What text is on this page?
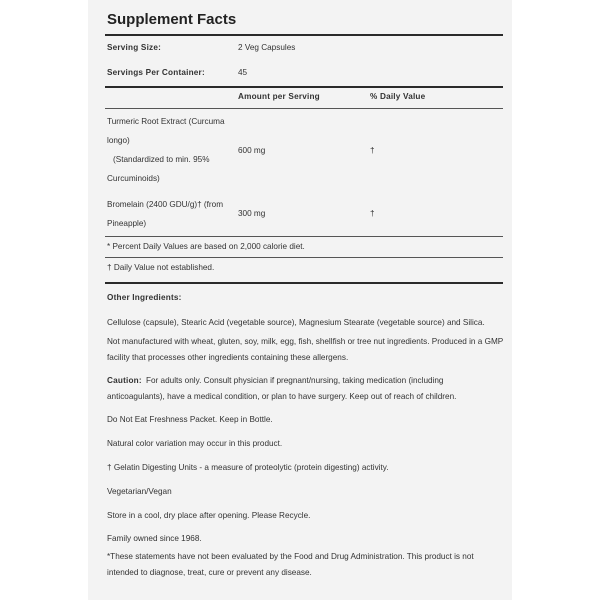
Supplement Facts
Serving Size:	2 Veg Capsules
Servings Per Container:	45
Amount per Serving	% Daily Value
Turmeric Root Extract (Curcuma
longo)
(Standardized to min. 95%
Curcuminoids)
600 mg	†
Bromelain (2400 GDU/g)† (from
Pineapple)
300 mg	†
* Percent Daily Values are based on 2,000 calorie diet.
† Daily Value not established.
Other Ingredients:
Cellulose (capsule), Stearic Acid (vegetable source), Magnesium Stearate (vegetable source) and Silica.
Not manufactured with wheat, gluten, soy, milk, egg, fish, shellfish or tree nut ingredients. Produced in a GMP
facility that processes other ingredients containing these allergens.
Caution: For adults only. Consult physician if pregnant/nursing, taking medication (including
anticoagulants), have a medical condition, or plan to have surgery. Keep out of reach of children.
Do Not Eat Freshness Packet. Keep in Bottle.
Natural color variation may occur in this product.
† Gelatin Digesting Units - a measure of proteolytic (protein digesting) activity.
Vegetarian/Vegan
Store in a cool, dry place after opening. Please Recycle.
Family owned since 1968.
*These statements have not been evaluated by the Food and Drug Administration. This product is not
intended to diagnose, treat, cure or prevent any disease.
